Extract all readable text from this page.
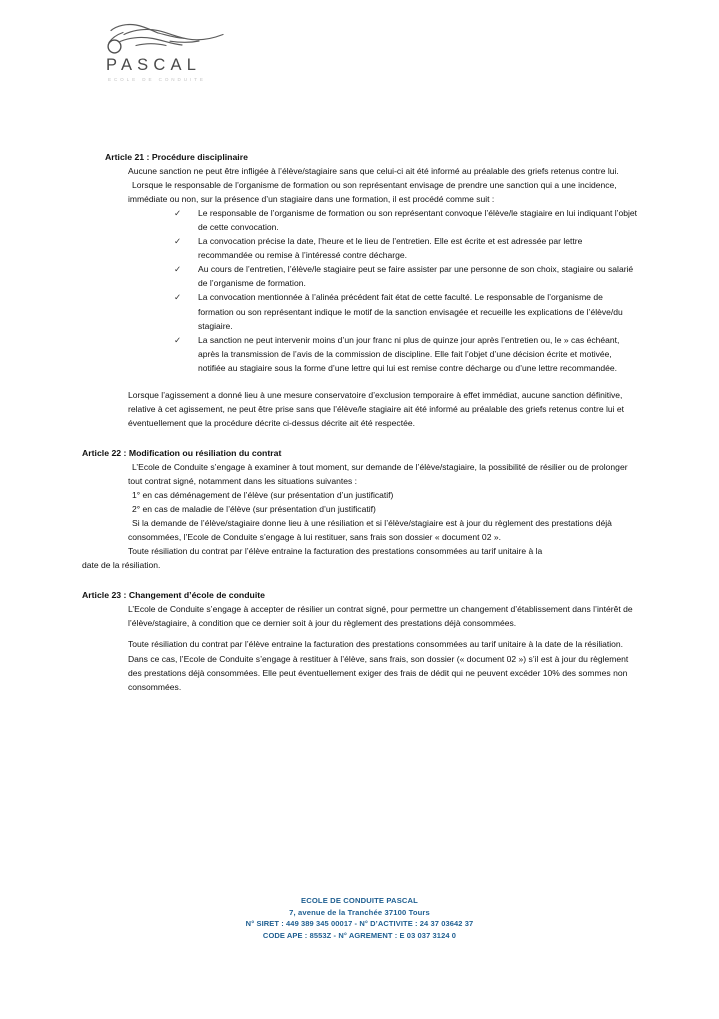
PASCAL
ECOLE DE CONDUITE
Article 21 : Procédure disciplinaire

Aucune sanction ne peut être infligée à l’élève/stagiaire sans que celui-ci ait été informé au préalable des griefs retenus contre lui.

Lorsque le responsable de l’organisme de formation ou son représentant envisage de prendre une sanction qui a une incidence, immédiate ou non, sur la présence d’un stagiaire dans une formation, il est procédé comme suit :

✓ Le responsable de l’organisme de formation ou son représentant convoque l’élève/le stagiaire en lui indiquant l’objet de cette convocation.
✓ La convocation précise la date, l’heure et le lieu de l’entretien. Elle est écrite et est adressée par lettre recommandée ou remise à l’intéressé contre décharge.
✓ Au cours de l’entretien, l’élève/le stagiaire peut se faire assister par une personne de son choix, stagiaire ou salarié de l’organisme de formation.
✓ La convocation mentionnée à l’alinéa précédent fait état de cette faculté. Le responsable de l’organisme de formation ou son représentant indique le motif de la sanction envisagée et recueille les explications de l’élève/du stagiaire.
✓ La sanction ne peut intervenir moins d’un jour franc ni plus de quinze jour après l’entretien ou, le » cas échéant, après la transmission de l’avis de la commission de discipline. Elle fait l’objet d’une décision écrite et motivée, notifiée au stagiaire sous la forme d’une lettre qui lui est remise contre décharge ou d’une lettre recommandée.

Lorsque l’agissement a donné lieu à une mesure conservatoire d’exclusion temporaire à effet immédiat, aucune sanction définitive, relative à cet agissement, ne peut être prise sans que l’élève/le stagiaire ait été informé au préalable des griefs retenus contre lui et éventuellement que la procédure décrite ci-dessus décrite ait été respectée.

Article 22 : Modification ou résiliation du contrat

L’Ecole de Conduite s’engage à examiner à tout moment, sur demande de l’élève/stagiaire, la possibilité de résilier ou de prolonger tout contrat signé, notamment dans les situations suivantes :

1° en cas déménagement de l’élève (sur présentation d’un justificatif)

2° en cas de maladie de l’élève (sur présentation d’un justificatif)

Si la demande de l’élève/stagiaire donne lieu à une résiliation et si l’élève/stagiaire est à jour du règlement des prestations déjà consommées, l’Ecole de Conduite s’engage à lui restituer, sans frais son dossier « document 02 ».

Toute résiliation du contrat par l’élève entraine la facturation des prestations consommées au tarif unitaire à la

date de la résiliation.

Article 23 : Changement d’école de conduite

L’Ecole de Conduite s’engage à accepter de résilier un contrat signé, pour permettre un changement d’établissement dans l’intérêt de l’élève/stagiaire, à condition que ce dernier soit à jour du règlement des prestations déjà consommées.

Toute résiliation du contrat par l’élève entraine la facturation des prestations consommées au tarif unitaire à la date de la résiliation. Dans ce cas, l’Ecole de Conduite s’engage à restituer à l’élève, sans frais, son dossier (« document 02 ») s’il est à jour du règlement des prestations déjà consommées. Elle peut éventuellement exiger des frais de dédit qui ne peuvent excéder 10% des sommes non consommées.

ECOLE DE CONDUITE PASCAL
7, avenue de la Tranchée 37100 Tours
N° SIRET : 449 389 345 00017 - N° D’ACTIVITE : 24 37 03642 37
CODE APE : 8553Z - N° AGREMENT : E 03 037 3124 0
